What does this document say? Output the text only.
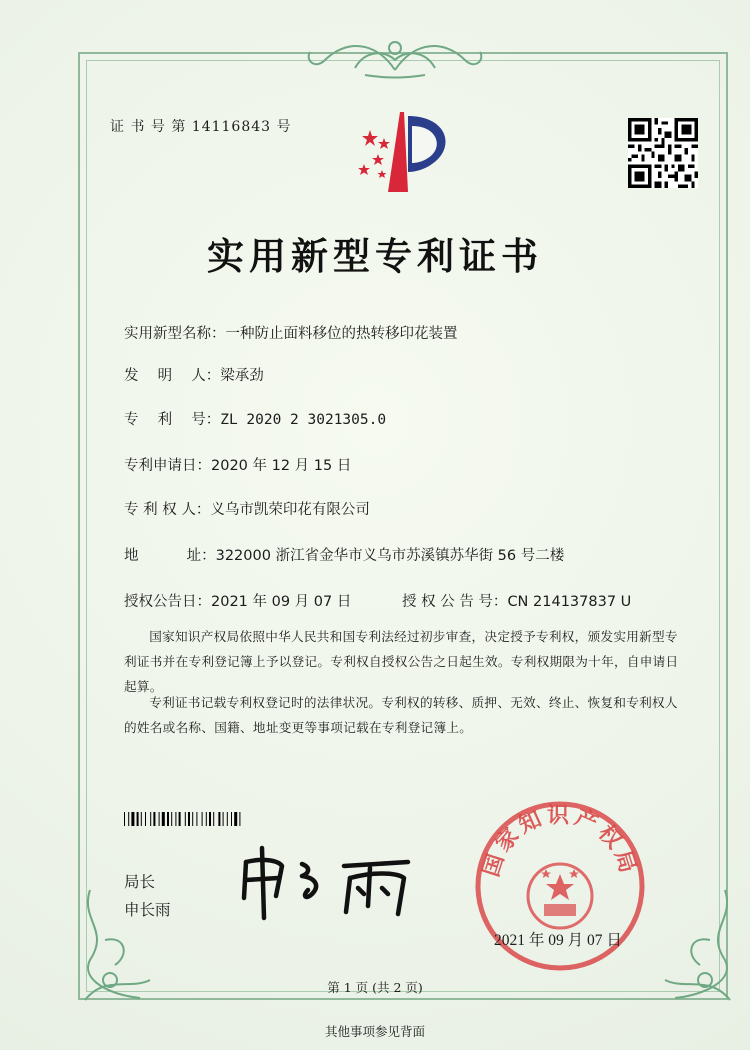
证 书 号 第 14116843 号
实用新型专利证书
实用新型名称：一种防止面料移位的热转移印花装置
发　 明　 人：梁承劲
专　 利　 号：ZL 2020 2 3021305.0
专利申请日：2020 年 12 月 15 日
专 利 权 人：义乌市凯荣印花有限公司
地　　　 址：322000 浙江省金华市义乌市苏溪镇苏华街 56 号二楼
授权公告日：2021 年 09 月 07 日	授 权 公 告 号：CN 214137837 U
国家知识产权局依照中华人民共和国专利法经过初步审查，决定授予专利权，颁发实用新型专利证书并在专利登记簿上予以登记。专利权自授权公告之日起生效。专利权期限为十年，自申请日起算。
专利证书记载专利权登记时的法律状况。专利权的转移、质押、无效、终止、恢复和专利权人的姓名或名称、国籍、地址变更等事项记载在专利登记簿上。
局长
申长雨
国家知识产权局
2021 年 09 月 07 日
第 1 页 (共 2 页)
其他事项参见背面
